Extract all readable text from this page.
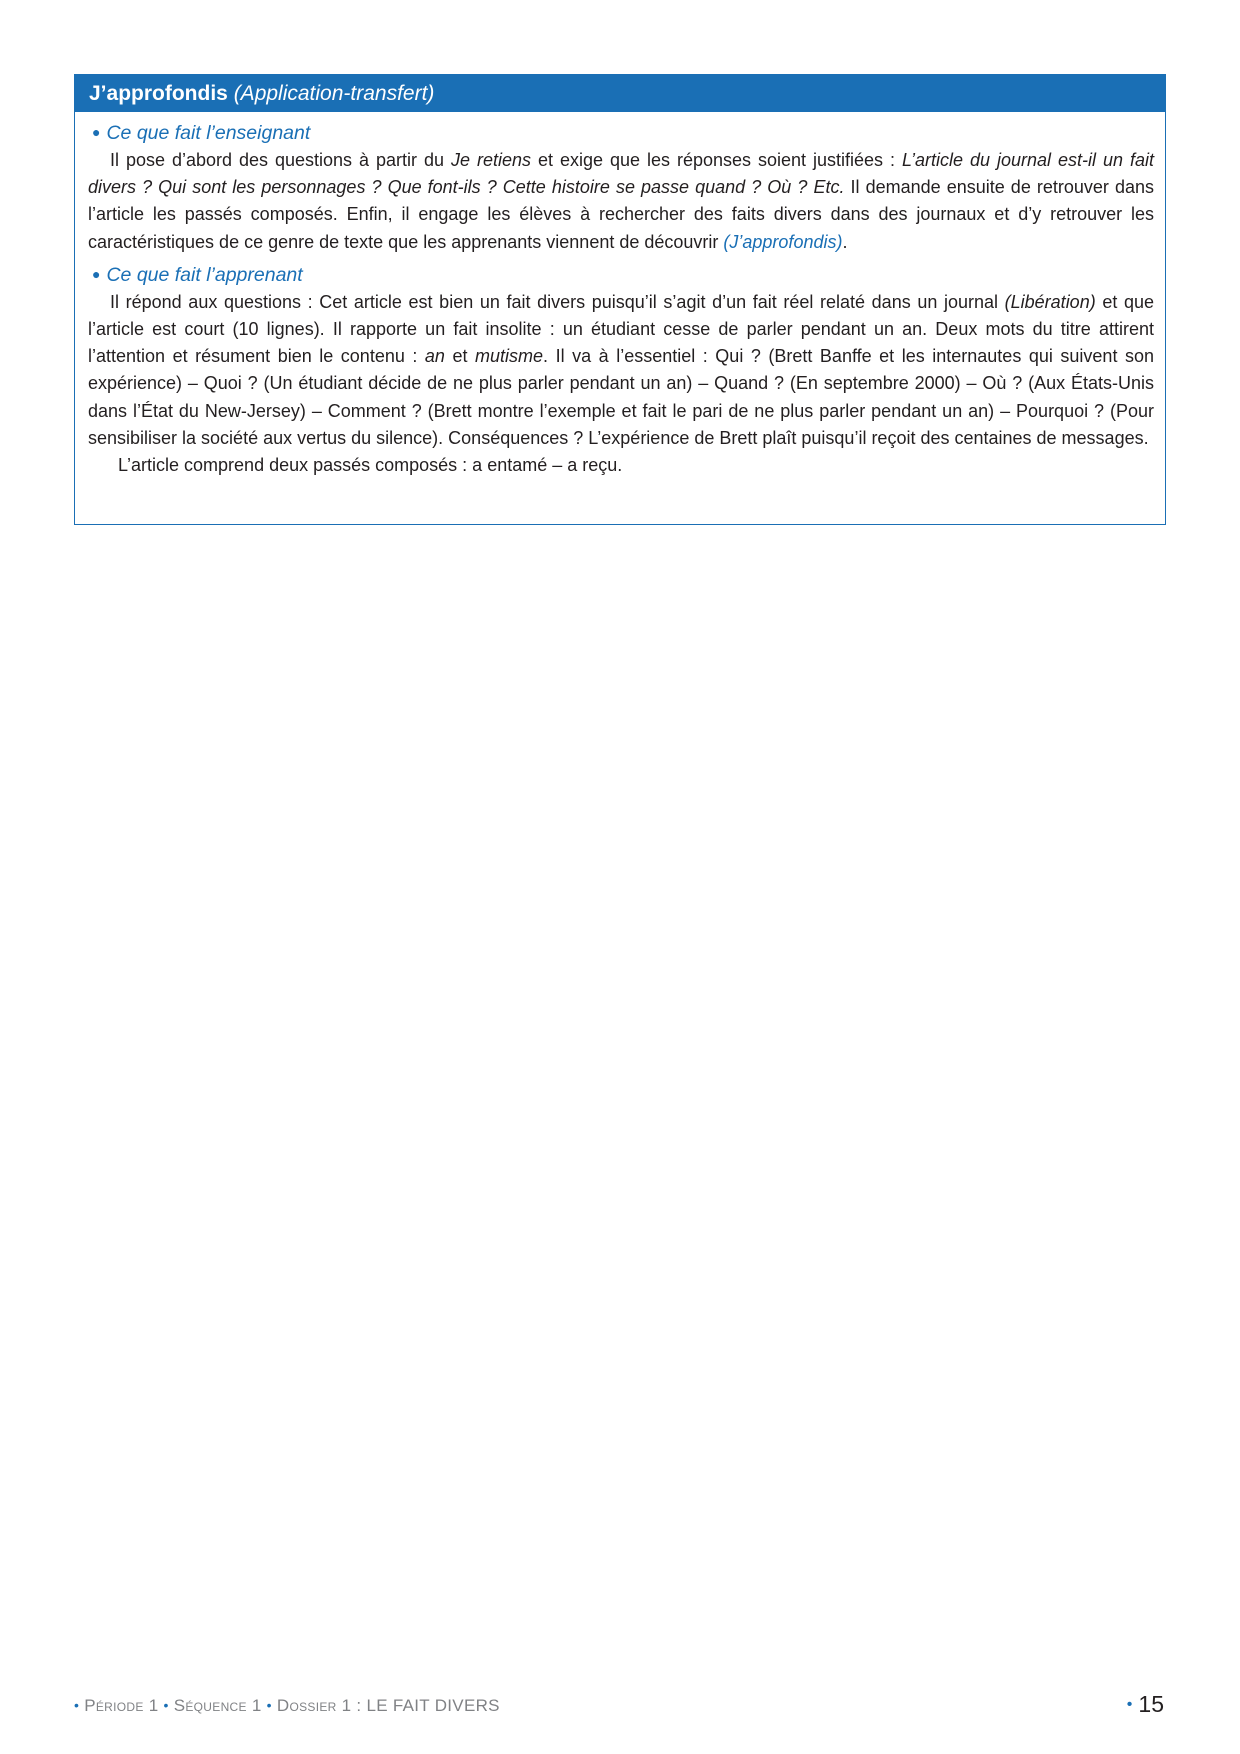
J’approfondis (Application-transfert)
● Ce que fait l’enseignant

Il pose d’abord des questions à partir du Je retiens et exige que les réponses soient justifiées : L’article du journal est-il un fait divers ? Qui sont les personnages ? Que font-ils ? Cette histoire se passe quand ? Où ? Etc. Il demande ensuite de retrouver dans l’article les passés composés. Enfin, il engage les élèves à rechercher des faits divers dans des journaux et d’y retrouver les caractéristiques de ce genre de texte que les apprenants viennent de découvrir (J’approfondis).

● Ce que fait l’apprenant

Il répond aux questions : Cet article est bien un fait divers puisqu’il s’agit d’un fait réel relaté dans un journal (Libération) et que l’article est court (10 lignes). Il rapporte un fait insolite : un étudiant cesse de parler pendant un an. Deux mots du titre attirent l’attention et résument bien le contenu : an et mutisme. Il va à l’essentiel : Qui ? (Brett Banffe et les internautes qui suivent son expérience) – Quoi ? (Un étudiant décide de ne plus parler pendant un an) – Quand ? (En septembre 2000) – Où ? (Aux États-Unis dans l’État du New-Jersey) – Comment ? (Brett montre l’exemple et fait le pari de ne plus parler pendant un an) – Pourquoi ? (Pour sensibiliser la société aux vertus du silence). Conséquences ? L’expérience de Brett plaît puisqu’il reçoit des centaines de messages.

L’article comprend deux passés composés : a entamé – a reçu.

• Période 1 • Séquence 1 • Dossier 1 : LE FAIT DIVERS	• 15
